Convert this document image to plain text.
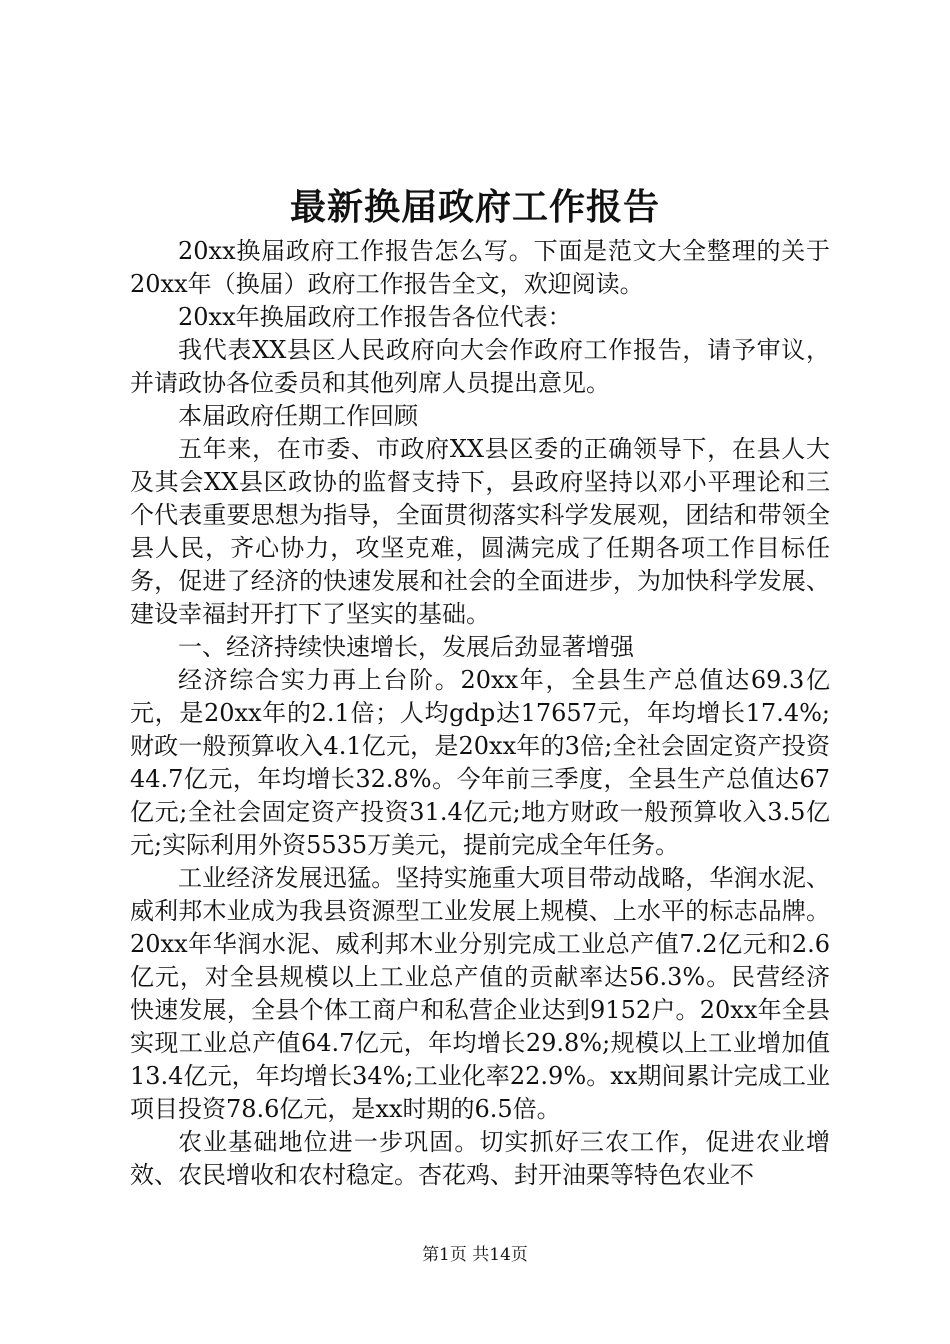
最新换届政府工作报告

20xx换届政府工作报告怎么写。下面是范文大全整理的关于20xx年（换届）政府工作报告全文，欢迎阅读。

20xx年换届政府工作报告各位代表：

我代表XX县区人民政府向大会作政府工作报告，请予审议，并请政协各位委员和其他列席人员提出意见。

本届政府任期工作回顾

五年来，在市委、市政府XX县区委的正确领导下，在县人大及其会XX县区政协的监督支持下，县政府坚持以邓小平理论和三个代表重要思想为指导，全面贯彻落实科学发展观，团结和带领全县人民，齐心协力，攻坚克难，圆满完成了任期各项工作目标任务，促进了经济的快速发展和社会的全面进步，为加快科学发展、建设幸福封开打下了坚实的基础。

一、经济持续快速增长，发展后劲显著增强

经济综合实力再上台阶。20xx年，全县生产总值达69.3亿元，是20xx年的2.1倍；人均gdp达17657元，年均增长17.4%;财政一般预算收入4.1亿元，是20xx年的3倍;全社会固定资产投资44.7亿元，年均增长32.8%。今年前三季度，全县生产总值达67亿元;全社会固定资产投资31.4亿元;地方财政一般预算收入3.5亿元;实际利用外资5535万美元，提前完成全年任务。

工业经济发展迅猛。坚持实施重大项目带动战略，华润水泥、威利邦木业成为我县资源型工业发展上规模、上水平的标志品牌。20xx年华润水泥、威利邦木业分别完成工业总产值7.2亿元和2.6亿元，对全县规模以上工业总产值的贡献率达56.3%。民营经济快速发展，全县个体工商户和私营企业达到9152户。20xx年全县实现工业总产值64.7亿元，年均增长29.8%;规模以上工业增加值13.4亿元，年均增长34%;工业化率22.9%。xx期间累计完成工业项目投资78.6亿元，是xx时期的6.5倍。

农业基础地位进一步巩固。切实抓好三农工作，促进农业增效、农民增收和农村稳定。杏花鸡、封开油栗等特色农业不

第1页 共14页
